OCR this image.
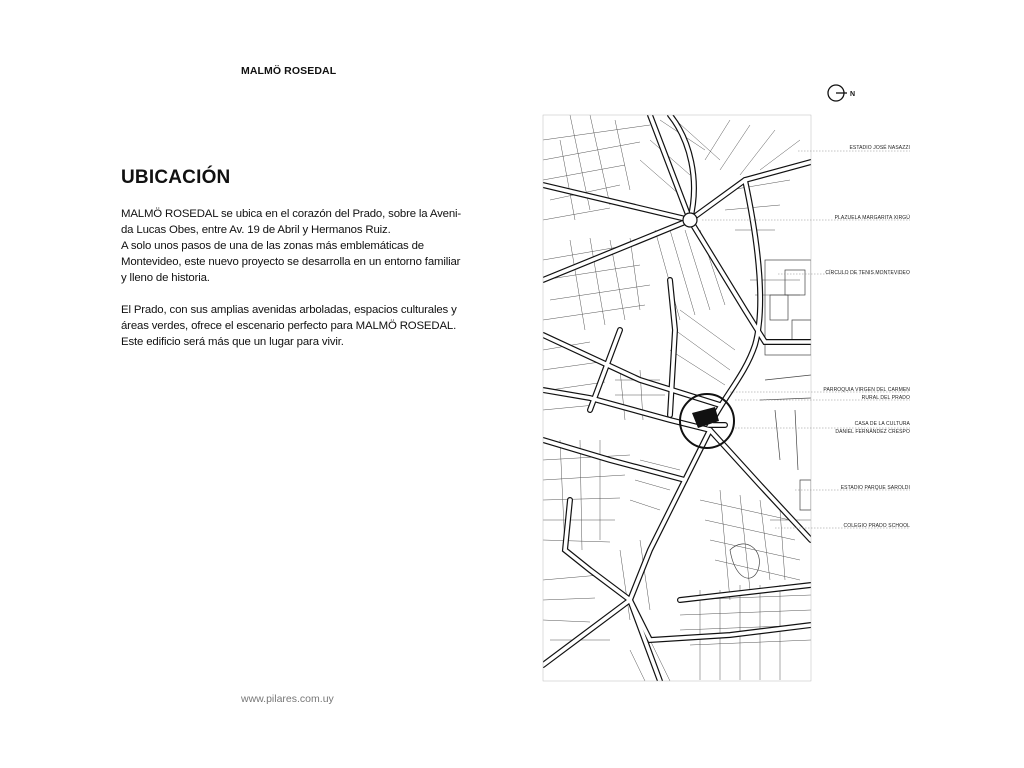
MALMÖ ROSEDAL
UBICACIÓN
MALMÖ ROSEDAL se ubica en el corazón del Prado, sobre la Aveni-
da Lucas Obes, entre Av. 19 de Abril y Hermanos Ruiz.
A solo unos pasos de una de las zonas más emblemáticas de
Montevideo, este nuevo proyecto se desarrolla en un entorno familiar
y lleno de historia.
El Prado, con sus amplias avenidas arboladas, espacios culturales y
áreas verdes, ofrece el escenario perfecto para MALMÖ ROSEDAL.
Este edificio será más que un lugar para vivir.
www.pilares.com.uy
N
ESTADIO JOSÉ NASAZZI
PLAZUELA MARGARITA XIRGÚ
CÍRCULO DE TENIS MONTEVIDEO
PARROQUIA VIRGEN DEL CARMEN
RURAL DEL PRADO
CASA DE LA CULTURA
DANIEL FERNÁNDEZ CRESPO
ESTADIO PARQUE SAROLDI
COLEGIO PRADO SCHOOL
